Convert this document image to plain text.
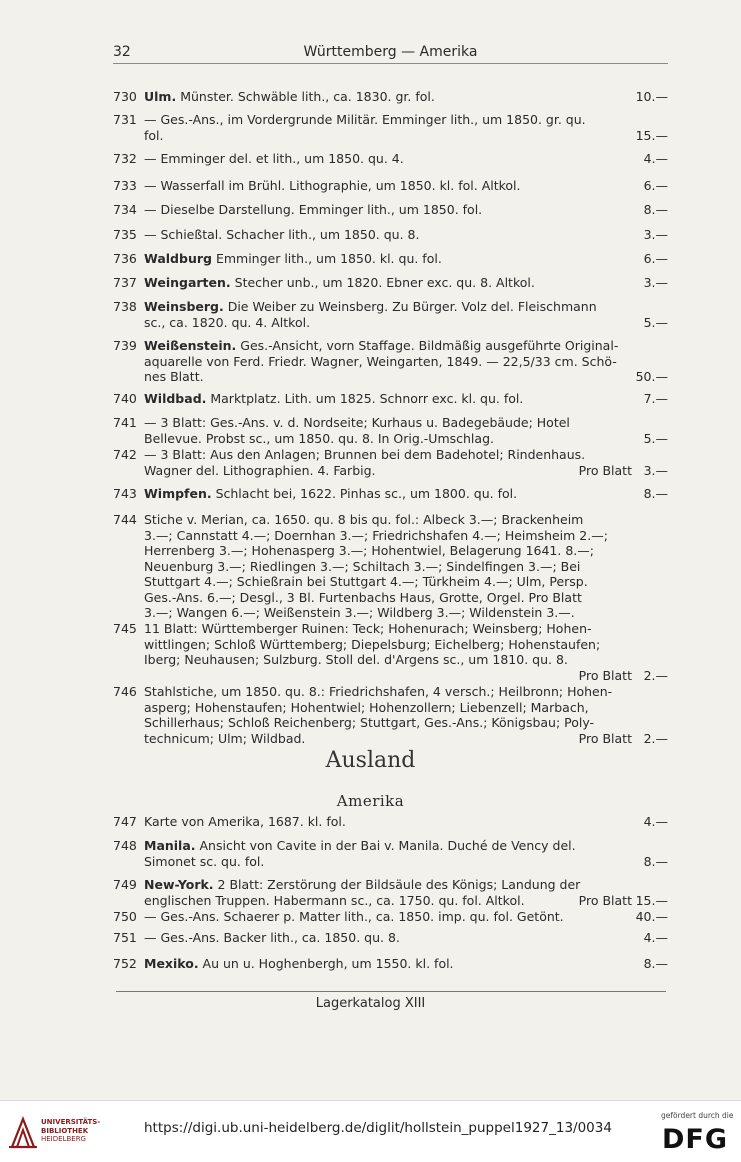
32	Württemberg — Amerika
730 Ulm. Münster. Schwäble lith., ca. 1830. gr. fol.	10.—
731 — Ges.-Ans., im Vordergrunde Militär. Emminger lith., um 1850. gr. qu.
fol.	15.—
732 — Emminger del. et lith., um 1850. qu. 4.	4.—
733 — Wasserfall im Brühl. Lithographie, um 1850. kl. fol. Altkol.	6.—
734 — Dieselbe Darstellung. Emminger lith., um 1850. fol.	8.—
735 — Schießtal. Schacher lith., um 1850. qu. 8.	3.—
736 Waldburg Emminger lith., um 1850. kl. qu. fol.	6.—
737 Weingarten. Stecher unb., um 1820. Ebner exc. qu. 8. Altkol.	3.—
738 Weinsberg. Die Weiber zu Weinsberg. Zu Bürger. Volz del. Fleischmann
sc., ca. 1820. qu. 4. Altkol.	5.—
739 Weißenstein. Ges.-Ansicht, vorn Staffage. Bildmäßig ausgeführte Original-
aquarelle von Ferd. Friedr. Wagner, Weingarten, 1849. — 22,5/33 cm. Schö-
nes Blatt.	50.—
740 Wildbad. Marktplatz. Lith. um 1825. Schnorr exc. kl. qu. fol.	7.—
741 — 3 Blatt: Ges.-Ans. v. d. Nordseite; Kurhaus u. Badegebäude; Hotel
Bellevue. Probst sc., um 1850. qu. 8. In Orig.-Umschlag.	5.—
742 — 3 Blatt: Aus den Anlagen; Brunnen bei dem Badehotel; Rindenhaus.
Wagner del. Lithographien. 4. Farbig.	Pro Blatt 3.—
743 Wimpfen. Schlacht bei, 1622. Pinhas sc., um 1800. qu. fol.	8.—
744 Stiche v. Merian, ca. 1650. qu. 8 bis qu. fol.: Albeck 3.—; Brackenheim
3.—; Cannstatt 4.—; Doernhan 3.—; Friedrichshafen 4.—; Heimsheim 2.—;
Herrenberg 3.—; Hohenasperg 3.—; Hohentwiel, Belagerung 1641. 8.—;
Neuenburg 3.—; Riedlingen 3.—; Schiltach 3.—; Sindelfingen 3.—; Bei
Stuttgart 4.—; Schießrain bei Stuttgart 4.—; Türkheim 4.—; Ulm, Persp.
Ges.-Ans. 6.—; Desgl., 3 Bl. Furtenbachs Haus, Grotte, Orgel. Pro Blatt
3.—; Wangen 6.—; Weißenstein 3.—; Wildberg 3.—; Wildenstein 3.—.
745 11 Blatt: Württemberger Ruinen: Teck; Hohenurach; Weinsberg; Hohen-
wittlingen; Schloß Württemberg; Diepelsburg; Eichelberg; Hohenstaufen;
Iberg; Neuhausen; Sulzburg. Stoll del. d'Argens sc., um 1810. qu. 8.

Pro Blatt 2.—
746 Stahlstiche, um 1850. qu. 8.: Friedrichshafen, 4 versch.; Heilbronn; Hohen-
asperg; Hohenstaufen; Hohentwiel; Hohenzollern; Liebenzell; Marbach,
Schillerhaus; Schloß Reichenberg; Stuttgart, Ges.-Ans.; Königsbau; Poly-
technicum; Ulm; Wildbad.	Pro Blatt 2.—
747 Karte von Amerika, 1687. kl. fol.	4.—
748 Manila. Ansicht von Cavite in der Bai v. Manila. Duché de Vency del.
Simonet sc. qu. fol.	8.—
749 New-York. 2 Blatt: Zerstörung der Bildsäule des Königs; Landung der
englischen Truppen. Habermann sc., ca. 1750. qu. fol. Altkol.	Pro Blatt 15.—
750 — Ges.-Ans. Schaerer p. Matter lith., ca. 1850. imp. qu. fol. Getönt.	40.—
751 — Ges.-Ans. Backer lith., ca. 1850. qu. 8.	4.—
752 Mexiko. Au un u. Hoghenbergh, um 1550. kl. fol.	8.—
Ausland
Amerika
Lagerkatalog XIII
UNIVERSITÄTS-
BIBLIOTHEK
HEIDELBERG
https://digi.ub.uni-heidelberg.de/diglit/hollstein_puppel1927_13/0034
gefördert durch die
DFG
